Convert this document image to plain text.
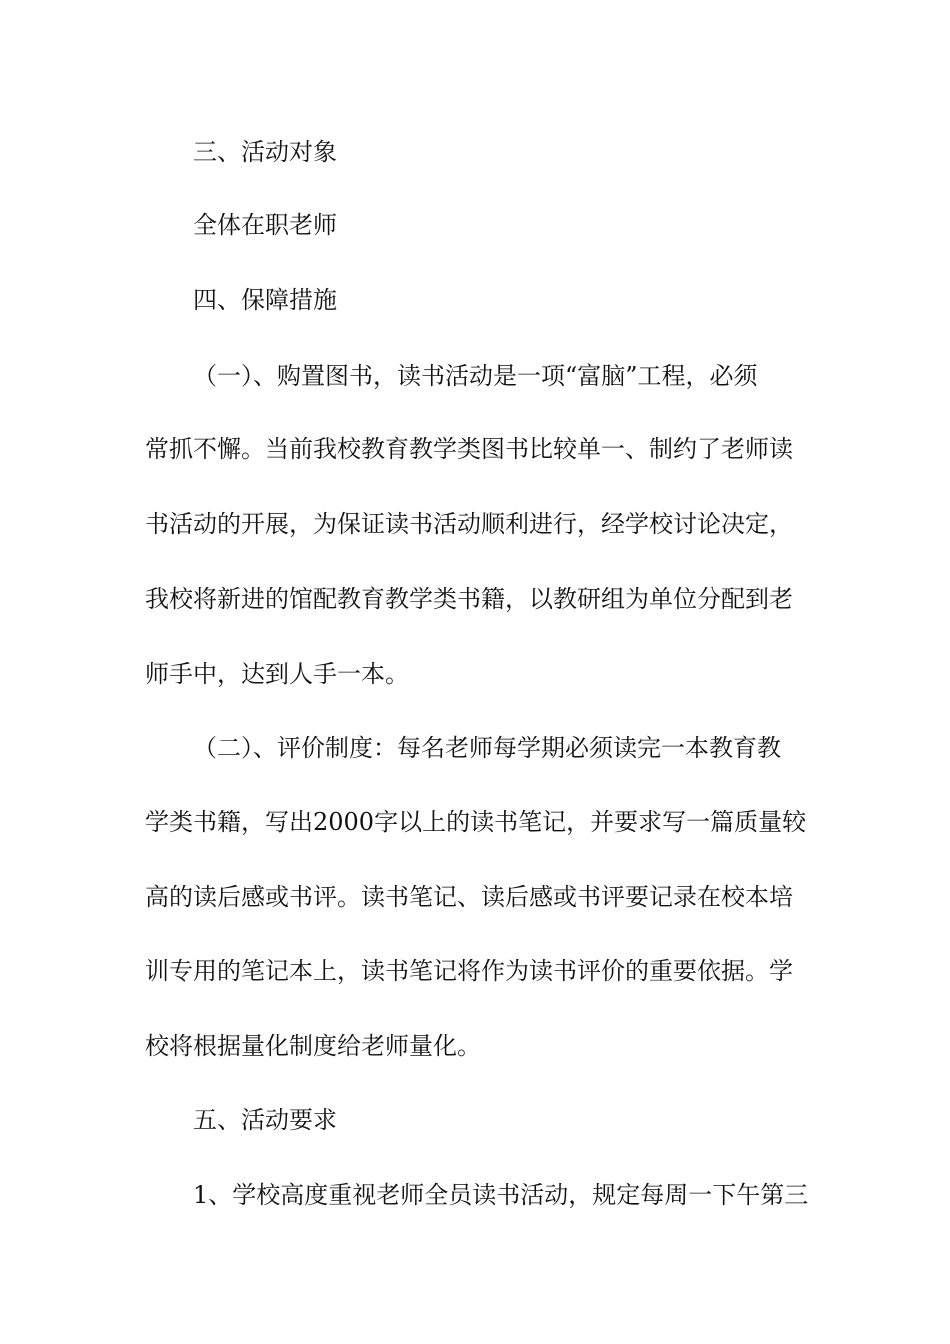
三、活动对象
全体在职老师
四、保障措施
（一）、购置图书，读书活动是一项“富脑”工程，必须
常抓不懈。当前我校教育教学类图书比较单一、制约了老师读
书活动的开展，为保证读书活动顺利进行，经学校讨论决定，
我校将新进的馆配教育教学类书籍，以教研组为单位分配到老
师手中，达到人手一本。
（二）、评价制度：每名老师每学期必须读完一本教育教
学类书籍，写出2000字以上的读书笔记，并要求写一篇质量较
高的读后感或书评。读书笔记、读后感或书评要记录在校本培
训专用的笔记本上，读书笔记将作为读书评价的重要依据。学
校将根据量化制度给老师量化。
五、活动要求
1、学校高度重视老师全员读书活动，规定每周一下午第三
